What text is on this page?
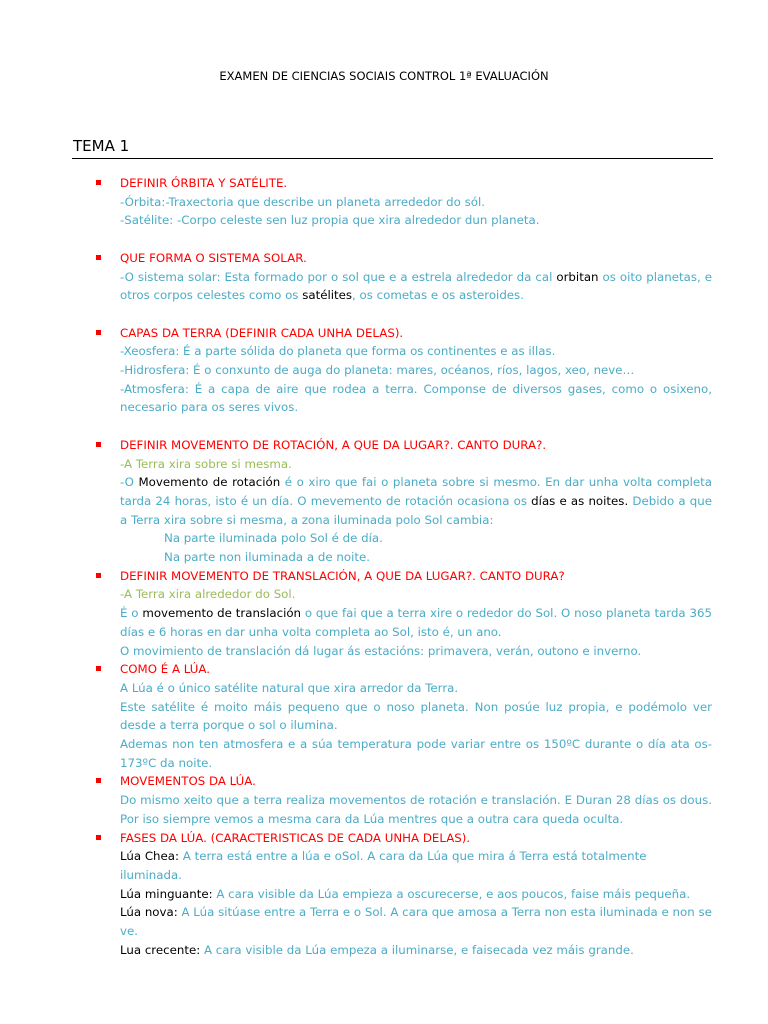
EXAMEN DE CIENCIAS SOCIAIS CONTROL 1ª EVALUACIÓN
TEMA 1
DEFINIR ÓRBITA Y SATÉLITE.

-Órbita:-Traxectoria que describe un planeta arrededor do sól.

-Satélite: -Corpo celeste sen luz propia que xira alrededor dun planeta.

QUE FORMA O SISTEMA SOLAR.

-O sistema solar: Esta formado por o sol que e a estrela alrededor da cal orbitan os oito planetas, e otros corpos celestes como os satélites, os cometas e os asteroides.

CAPAS DA TERRA (DEFINIR CADA UNHA DELAS).

-Xeosfera: É a parte sólida do planeta que forma os continentes e as illas.

-Hidrosfera: É o conxunto de auga do planeta: mares, océanos, ríos, lagos, xeo, neve…

-Atmosfera: É a capa de aire que rodea a terra. Componse de diversos gases, como o osixeno, necesario para os seres vivos.

DEFINIR MOVEMENTO DE ROTACIÓN, A QUE DA LUGAR?. CANTO DURA?.

-A Terra xira sobre si mesma.

-O Movemento de rotación é o xiro que fai o planeta sobre si mesmo. En dar unha volta completa tarda 24 horas, isto é un día. O mevemento de rotación ocasiona os días e as noites. Debido a que a Terra xira sobre si mesma, a zona iluminada polo Sol cambia:

Na parte iluminada polo Sol é de día.

Na parte non iluminada a de noite.

DEFINIR MOVEMENTO DE TRANSLACIÓN, A QUE DA LUGAR?. CANTO DURA?

-A Terra xira alrededor do Sol.

É o movemento de translación o que fai que a terra xire o rededor do Sol. O noso planeta tarda 365 días e 6 horas en dar unha volta completa ao Sol, isto é, un ano.

O movimiento de translación dá lugar ás estacións: primavera, verán, outono e inverno.

COMO É A LÚA.

A Lúa é o único satélite natural que xira arredor da Terra.

Este satélite é moito máis pequeno que o noso planeta. Non posúe luz propia, e podémolo ver desde a terra porque o sol o ilumina.

Ademas non ten atmosfera e a súa temperatura pode variar entre os 150ºC durante o día ata os-173ºC da noite.

MOVEMENTOS DA LÚA.

Do mismo xeito que a terra realiza movementos de rotación e translación. E Duran 28 días os dous. Por iso siempre vemos a mesma cara da Lúa mentres que a outra cara queda oculta.

FASES DA LÚA. (CARACTERISTICAS DE CADA UNHA DELAS).

Lúa Chea: A terra está entre a lúa e oSol. A cara da Lúa que mira á Terra está totalmente iluminada.

Lúa minguante: A cara visible da Lúa empieza a oscurecerse, e aos poucos, faise máis pequeña.

Lúa nova: A Lúa sitúase entre a Terra e o Sol. A cara que amosa a Terra non esta iluminada e non se ve.

Lua crecente: A cara visible da Lúa empeza a iluminarse, e faisecada vez máis grande.
